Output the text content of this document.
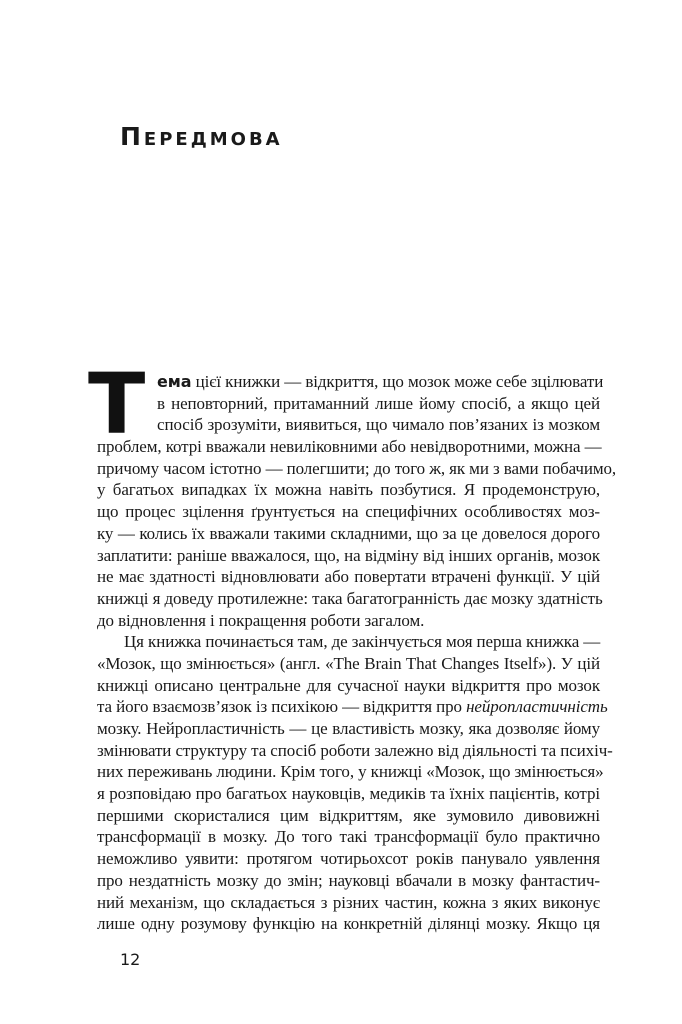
Передмова
Т ема цієї книжки — відкриття, що мозок може себе зцілювати
в неповторний, притаманний лише йому спосіб, а якщо цей
спосіб зрозуміти, виявиться, що чимало пов’язаних із мозком
проблем, котрі вважали невиліковними або невідворотними, можна —
причому часом істотно — полегшити; до того ж, як ми з вами побачимо,
у багатьох випадках їх можна навіть позбутися. Я продемонструю,
що процес зцілення ґрунтується на специфічних особливостях моз-
ку — колись їх вважали такими складними, що за це довелося дорого
заплатити: раніше вважалося, що, на відміну від інших органів, мозок
не має здатності відновлювати або повертати втрачені функції. У цій
книжці я доведу протилежне: така багатогранність дає мозку здатність
до відновлення і покращення роботи загалом.
Ця книжка починається там, де закінчується моя перша книжка —
«Мозок, що змінюється» (англ. «The Brain That Changes Itself»). У цій
книжці описано центральне для сучасної науки відкриття про мозок
та його взаємозв’язок із психікою — відкриття про нейропластичність
мозку. Нейропластичність — це властивість мозку, яка дозволяє йому
змінювати структуру та спосіб роботи залежно від діяльності та психіч-
них переживань людини. Крім того, у книжці «Мозок, що змінюється»
я розповідаю про багатьох науковців, медиків та їхніх пацієнтів, котрі
першими скористалися цим відкриттям, яке зумовило дивовижні
трансформації в мозку. До того такі трансформації було практично
неможливо уявити: протягом чотирьохсот років панувало уявлення
про нездатність мозку до змін; науковці вбачали в мозку фантастич-
ний механізм, що складається з різних частин, кожна з яких виконує
лише одну розумову функцію на конкретній ділянці мозку. Якщо ця
12
